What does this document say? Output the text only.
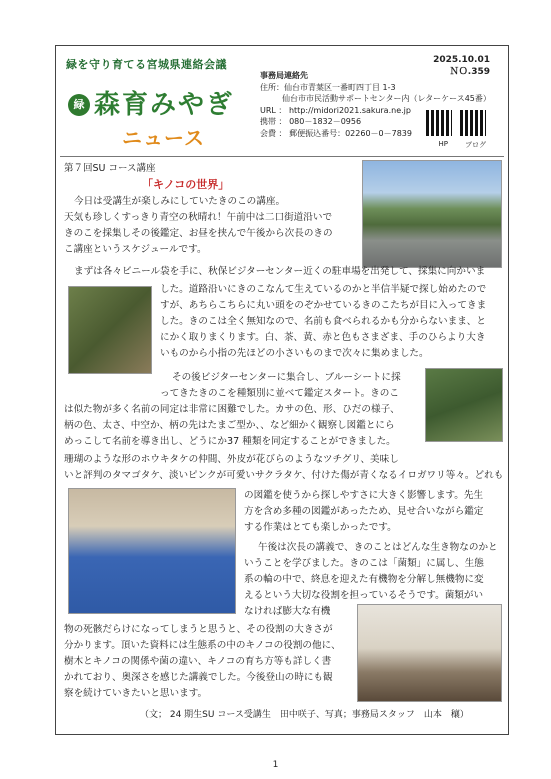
緑を守り育てる宮城県連絡会議
緑 森育みやぎ
ニュース
事務局連絡先
住所：仙台市青葉区一番町四丁目 1-3
仙台市市民活動サポートセンター内（レターケース45番）
URL ： http://midori2021.sakura.ne.jp
携帯 ： 080－1832－0956
会費 ： 郵便振込番号：02260－0－7839
2025.10.01
ＮＯ.359
HP ブログ
第７回SU コース講座
「キノコの世界」
今日は受講生が楽しみにしていたきのこの講座。
天気も珍しくすっきり青空の秋晴れ！午前中は二口街道沿いで
きのこを採集しその後鑑定、お昼を挟んで午後から次長のきの
こ講座というスケジュールです。
まずは各々ビニール袋を手に、秋保ビジターセンター近くの駐車場を出発して、採集に向かいま
した。道路沿いにきのこなんて生えているのかと半信半疑で探し始めたので
すが、あちらこちらに丸い頭をのぞかせているきのこたちが目に入ってきま
した。きのこは全く無知なので、名前も食べられるかも分からないまま、と
にかく取りまくります。白、茶、黄、赤と色もさまざま、手のひらより大き
いものから小指の先ほどの小さいものまで次々に集めました。
その後ビジターセンターに集合し、ブルーシートに採
ってきたきのこを種類別に並べて鑑定スタート。きのこ
は似た物が多く名前の同定は非常に困難でした。カサの色、形、ひだの様子、
柄の色、太さ、中空か、柄の先はたまご型か、、など細かく観察し図鑑とにら
めっこして名前を導き出し、どうにか37 種類を同定することができました。
珊瑚のような形のホウキタケの仲間、外皮が花びらのようなツチグリ、美味し
いと評判のタマゴタケ、淡いピンクが可愛いサクラタケ、付けた傷が青くなるイロガワリ等々。どれも
の図鑑を使うから探しやすさに大きく影響します。先生
方を含め多種の図鑑があったため、見せ合いながら鑑定
する作業はとても楽しかったです。
午後は次長の講義で、きのことはどんな生き物なのかと
いうことを学びました。きのこは「菌類」に属し、生態
系の輪の中で、終息を迎えた有機物を分解し無機物に変
えるという大切な役割を担っているそうです。菌類がい
なければ膨大な有機
物の死骸だらけになってしまうと思うと、その役割の大きさが
分かります。頂いた資料には生態系の中のキノコの役割の他に、
樹木とキノコの関係や菌の違い、キノコの育ち方等も詳しく書
かれており、奥深さを感じた講義でした。今後登山の時にも観
察を続けていきたいと思います。
（文； 24 期生SU コース受講生　田中咲子、写真；事務局スタッフ　山本　穰）
1
